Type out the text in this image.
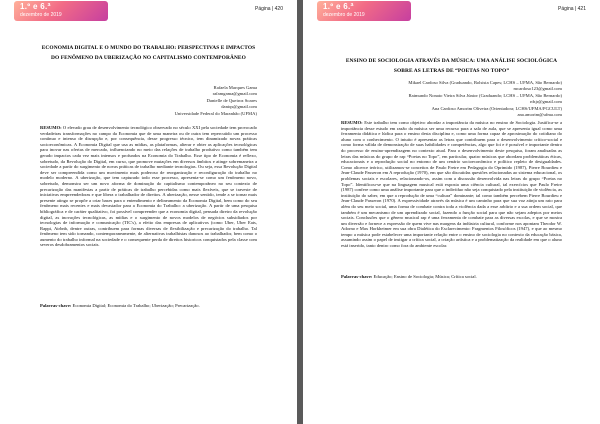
1.º e 6.ª
dezembro de 2019
Página | 420
ECONOMIA DIGITAL E O MUNDO DO TRABALHO: PERSPECTIVAS E IMPACTOS DO FENÔMENO DA UBERIZAÇÃO NO CAPITALISMO CONTEMPORÂNEO
Rafaela Marques Gama
rafamgama@gmail.com
Danielle de Queiroz Soares
daniqs@gmail.com
Universidade Federal do Maranhão (UFMA)
RESUMO: O elevado grau de desenvolvimento tecnológico observado no século XXI pela sociedade tem provocado verdadeiras transformações no campo da Economia que de uma maneira ou de outra tem repercutido um processo contínuo e intenso de disrupção e, por consequência, desse progresso técnico, tem dinamizado novas práticas socioeconômicas. A Economia Digital que usa as mídias, as plataformas, alterar e obter as aplicações tecnológicas para inovar nas ofertas de mercado, influenciando no meio das relações de trabalho produtivo como também tem gerado impactos cada vez mais intensos e profundos na Economia do Trabalho. Esse tipo de Economia é reflexo, sobretudo, da Revolução do Digital, em curso, que promove mutações em diversos âmbitos e atinge sobremaneira a sociedade a partir do surgimento de novas práticas de trabalho mediante tecnologias. Ou seja, essa Revolução Digital deve ser compreendida como um movimento mais poderoso de reorganização e reconfiguração do trabalho no modelo moderno. A uberização, que tem capturado todo esse processo, apresenta-se como um fenômeno novo, sobretudo, demonstra ser um novo aforma de dominação do capitalismo contemporâneo no seu contexto de precarização das manifestas a partir de práticas de trabalho percebidas como mais flexíveis, que se traveste de iniciativas empreendedoras e que libera o trabalhador de direitos. A uberização, nesse sentido, tende a se tornar mais presente atingo se propõe a criar bases para o entendimento e delineamento da Economia Digital, bem como do seu fenômeno mais recentes e mais devastador para a Economia do Trabalho: a uberização. A partir de uma pesquisa bibliográfica e de caráter qualitativo, foi possível compreender que a economia digital, pensada diretro da revolução digital, as inovações tecnológicas, as mídias e o surgimento de novos modelos de negócios subsidiados por tecnologias de informação e comunicação (TIC's), a efeito das empresas de aplicativos (como Uber, Uber Eats, Rappi, Airbnb, dentre outras, contribuem para formas diversas de flexibilização e precarização do trabalho. Tal fenômeno tem sido tornando, contemporaneamente, de alternativas trabalhistas danosos ao trabalhador, bem como o aumento do trabalho informal na sociedade e o consequente perda de direitos historicos conquistados pela classe com severos desdobramentos sociais.
Palavras-chave: Economia Digital; Economia do Trabalho; Uberização; Precarização.
1.º e 6.ª
dezembro de 2019
Página | 421
ENSINO DE SOCIOLOGIA ATRAVÉS DA MÚSICA: UMA ANÁLISE SOCIOLÓGICA SOBRE AS LETRAS DE “POETAS NO TOPO”
Mikael Cardoso Silva (Graduando, Bolsista Capes; LCHS – UFMA, São Bernardo)
mcardoso123@gmail.com
Raimundo Nonato Vieira Silva Júnior (Graduando; LCHS – UFMA, São Bernardo)
rdsjr@gmail.com
Ana Cardoso Amorim Oliveira (Orientadora; LCHS/UFMA/PGCULT)
ana.amorim@ufma.com
RESUMO: Este trabalho tem como objetivo abordar a importância da música no ensino de Sociologia. Justifica-se a importância desse estudo em razão da música ser uma recurso para a sala de aula, que se apresenta igual como uma ferramenta didática e lúdica para o ensino desta disciplina e, como uma forma capaz de aproximação do cotidiano do aluno com o conhecimento. O intuito é apresentar as letras que contribuem para o desenvolvimento crítico-social e como forma válida de demonstração de suas habilidades e competências, algo que foi e é possível e importante dentro do processo de ensino-aprendizagem no contexto atual. Para o desenvolvimento deste pesquisa, foram analisadas as letras das músicas do grupo de rap “Poetas no Topo”, em particular, quatro músicas que abordam problemáticas éticas, educacionais e a reprodução social no entorno de um cenário socioeconômico e político repleto de desigualdades. Como alicerce teórico, utilizamos-se conceitos de Paulo Freire em Pedagogia do Oprimido (1987), Pierre Bourdieu e Jean-Claude Passeron em A reprodução (1970), em que são discutidas questões relacionadas ao sistema educacional, os problemas sociais e escolares, relacionando-os, assim com a discussão desenvolvida nas letras do grupo “Poetas no Topo”. Identificou-se que na linguagem musical está exposta uma ciência cultural, tal exercícios que Paulo Freire (1987) confere como uma análise importante para que o indivíduo não seja conquistado pela instituição de violência, as instituição do saber, em que a reprodução de uma “cultura” dominante; tal como também percebem Pierre Bourdieu e Jean-Claude Passeron (1970). A expressividade através da música é um caminho para que sua voz atinja um raio para além do seu meio social, uma forma de combate contra toda a violência dada a esse arbítrio e a sua ordem social, que também é um mecanismo de um aprendizado social, fazendo a função social para que não sejam adeptos por meios sociais. Conclusões que o gênero musical rap é uma ferramenta de combate para as diversas escolas, e que se mostra um diversão e fornece a expressão de quem vive nas margens da indústria cultural, conforme nos apontam Theodor W. Adorno e Max Horkheimer em sua obra Dialética do Esclarecimento: Fragmentos Filosóficos (1947), e que ao mesmo tempo a música pode estabelecer uma importante relação entre o ensino de sociologia no contexto da educação básica, assumindo assim o papel de instigar a crítica social, a criação artística e a problematização da realidade em que o aluno está inserido, tanto dentro como fora do ambiente escolar.
Palavras-chave: Educação; Ensino de Sociologia; Música; Crítica social.
